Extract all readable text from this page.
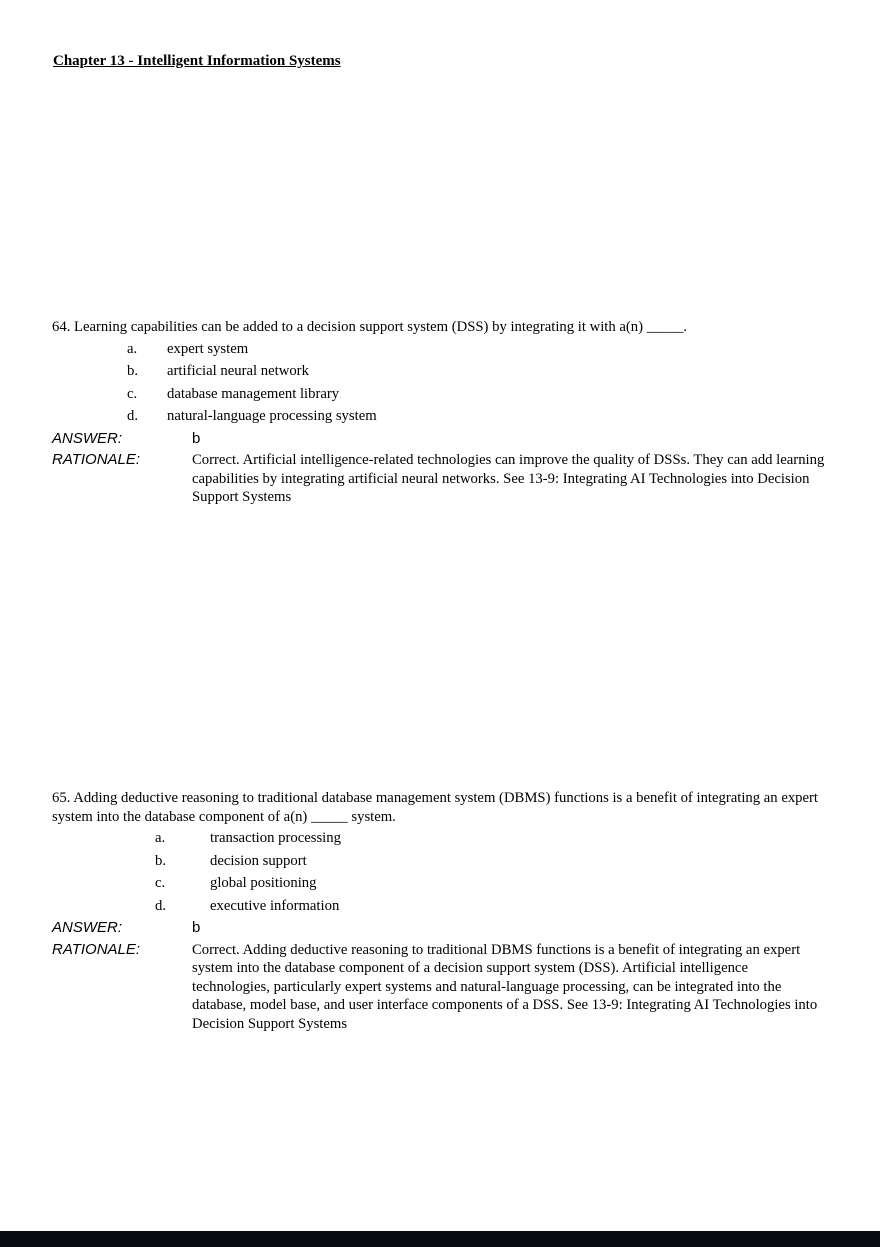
Chapter 13 - Intelligent Information Systems

64. Learning capabilities can be added to a decision support system (DSS) by integrating it with a(n) _____.

a.	expert system
b.	artificial neural network
c.	database management library
d.	natural-language processing system
ANSWER:	b
RATIONALE:	Correct. Artificial intelligence-related technologies can improve the quality of DSSs. They can add learning capabilities by integrating artificial neural networks. See 13-9: Integrating AI Technologies into Decision Support Systems

65. Adding deductive reasoning to traditional database management system (DBMS) functions is a benefit of integrating an expert system into the database component of a(n) _____ system.

a.	transaction processing
b.	decision support
c.	global positioning
d.	executive information
ANSWER:	b
RATIONALE:	Correct. Adding deductive reasoning to traditional DBMS functions is a benefit of integrating an expert system into the database component of a decision support system (DSS). Artificial intelligence technologies, particularly expert systems and natural-language processing, can be integrated into the database, model base, and user interface components of a DSS. See 13-9: Integrating AI Technologies into Decision Support Systems
